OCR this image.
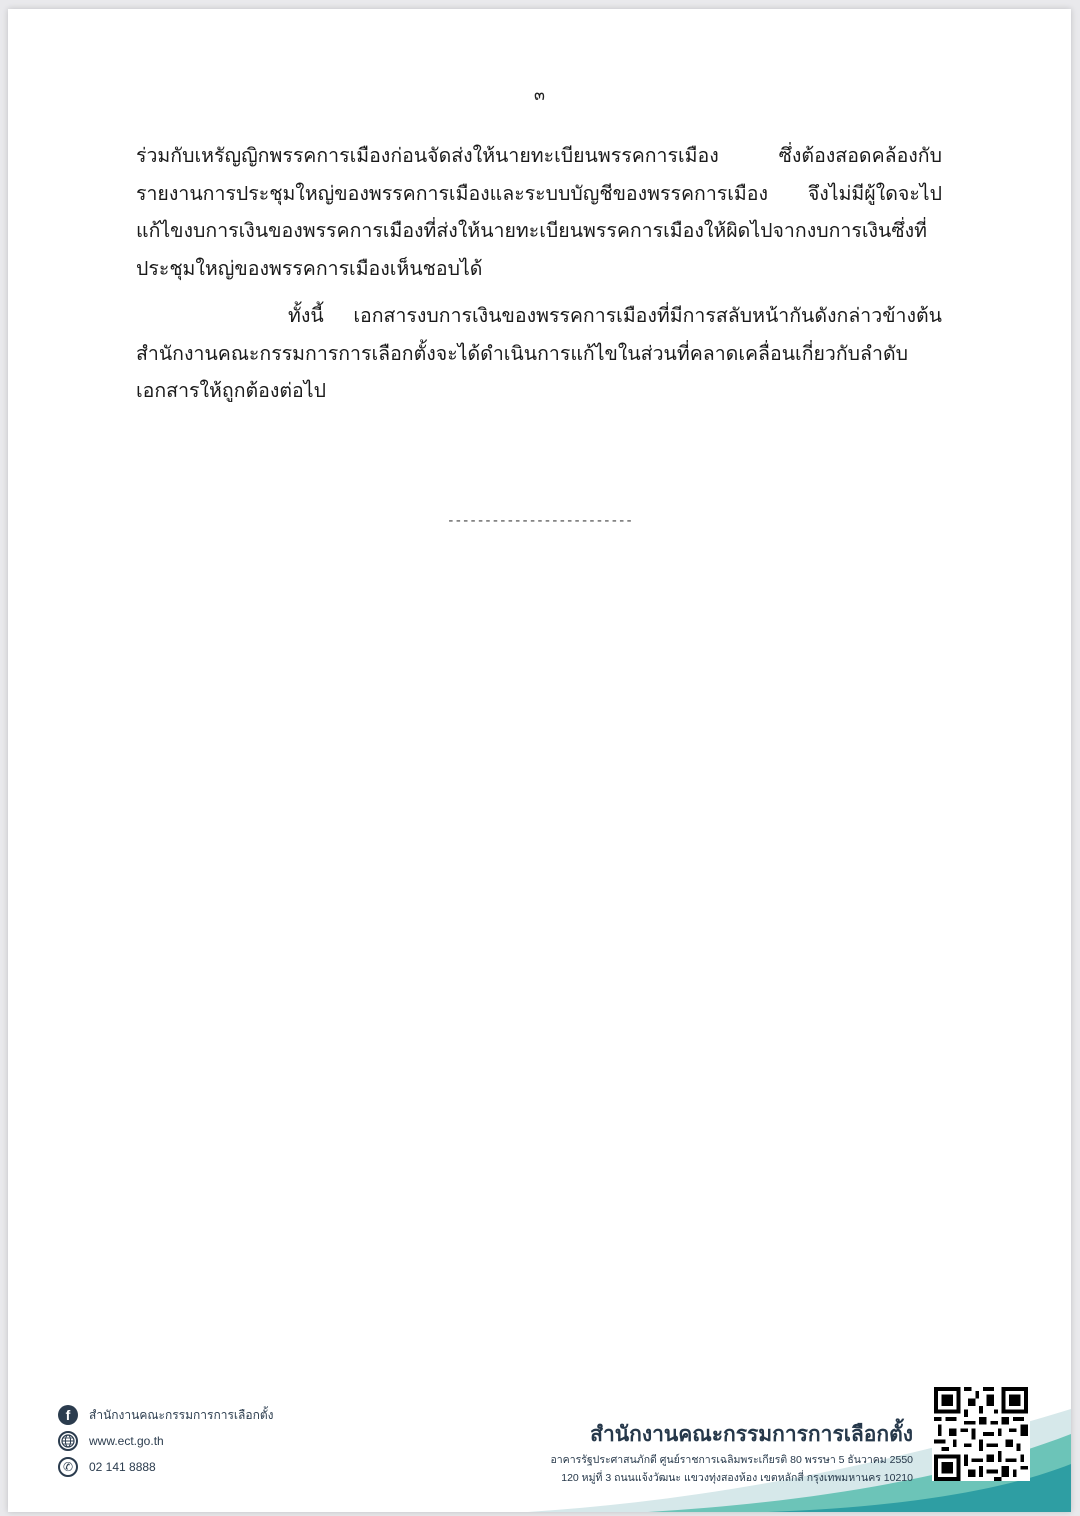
๓

ร่วมกับเหรัญญิกพรรคการเมืองก่อนจัดส่งให้นายทะเบียนพรรคการเมือง ซึ่งต้องสอดคล้องกับรายงานการประชุมใหญ่ของพรรคการเมืองและระบบบัญชีของพรรคการเมือง จึงไม่มีผู้ใดจะไปแก้ไขงบการเงินของพรรคการเมืองที่ส่งให้นายทะเบียนพรรคการเมืองให้ผิดไปจากงบการเงินซึ่งที่ประชุมใหญ่ของพรรคการเมืองเห็นชอบได้

ทั้งนี้ เอกสารงบการเงินของพรรคการเมืองที่มีการสลับหน้ากันดังกล่าวข้างต้น สำนักงานคณะกรรมการการเลือกตั้งจะได้ดำเนินการแก้ไขในส่วนที่คลาดเคลื่อนเกี่ยวกับลำดับเอกสารให้ถูกต้องต่อไป

-------------------------
f	สำนักงานคณะกรรมการการเลือกตั้ง
www.ect.go.th
✆	02 141 8888
สำนักงานคณะกรรมการการเลือกตั้ง
อาคารรัฐประศาสนภักดี ศูนย์ราชการเฉลิมพระเกียรติ 80 พรรษา 5 ธันวาคม 2550
120 หมู่ที่ 3 ถนนแจ้งวัฒนะ แขวงทุ่งสองห้อง เขตหลักสี่ กรุงเทพมหานคร 10210
